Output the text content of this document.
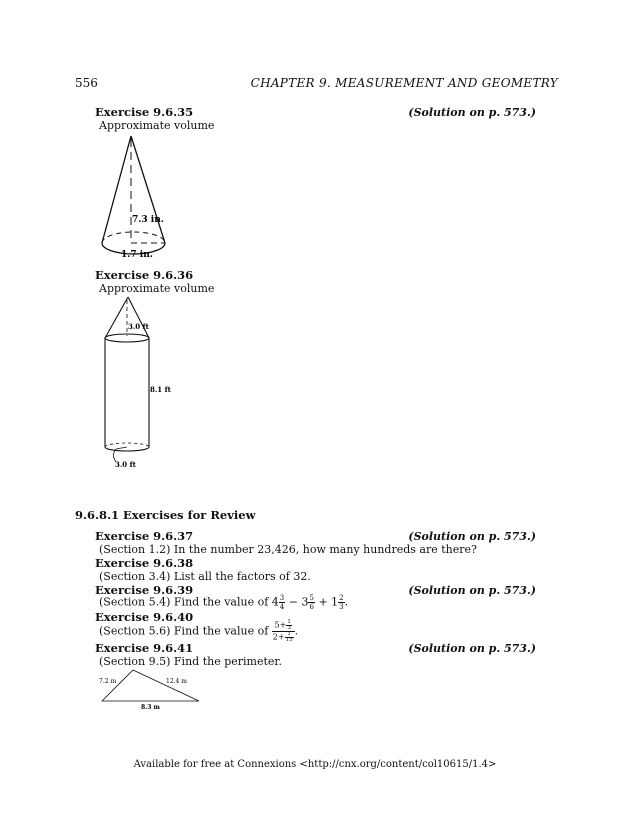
556	CHAPTER 9. MEASUREMENT AND GEOMETRY
Exercise 9.6.35	(Solution on p. 573.)
Approximate volume
7.3 in.
1.7 in.
Exercise 9.6.36
Approximate volume
3.0 ft
8.1 ft
3.0 ft
9.6.8.1 Exercises for Review
Exercise 9.6.37	(Solution on p. 573.)
(Section 1.2) In the number 23,426, how many hundreds are there?
Exercise 9.6.38
(Section 3.4) List all the factors of 32.
Exercise 9.6.39	(Solution on p. 573.)
(Section 5.4) Find the value of $4 \frac{3}{4} - 3 \frac{5}{6} + 1 \frac{2}{3}$ .
Exercise 9.6.40
(Section 5.6) Find the value of $\frac{5+ \frac{1}{3}}{2+ \frac{1}{15}}$ .
Exercise 9.6.41	(Solution on p. 573.)
(Section 9.5) Find the perimeter.
7.2 m	12.4 m
8.3 m
Available for free at Connexions <http://cnx.org/content/col10615/1.4>
